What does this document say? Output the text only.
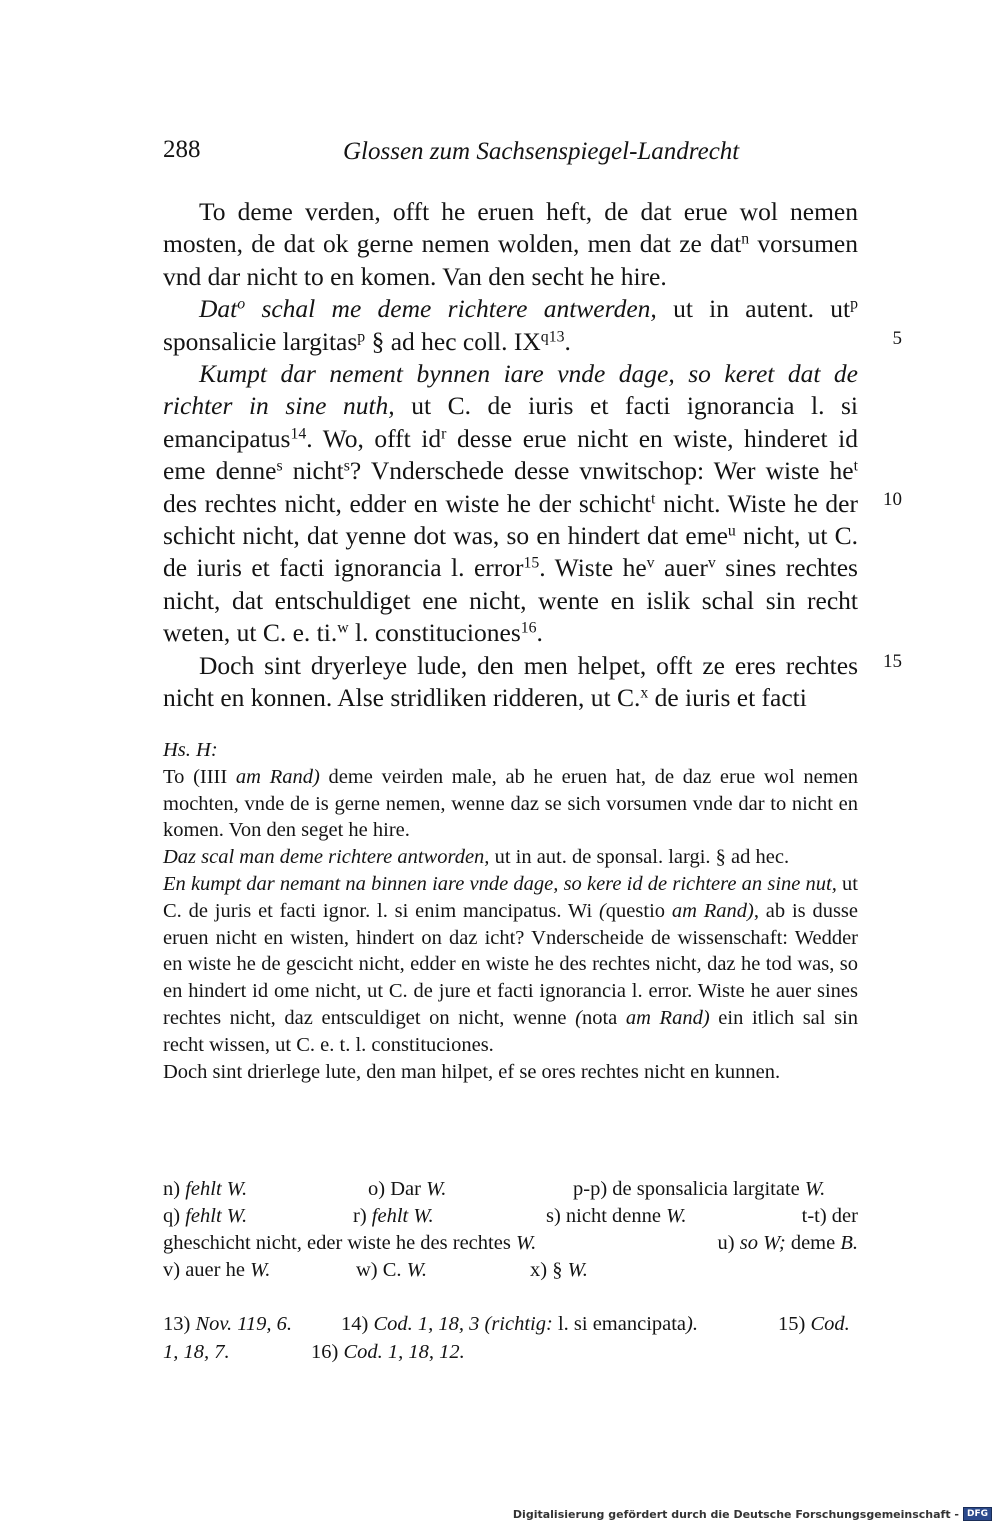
288	Glossen zum Sachsenspiegel-Landrecht
5
10
15

To deme verden, offt he eruen heft, de dat erue wol nemen mosten, de dat ok gerne nemen wolden, men dat ze dat$^n$ vorsumen vnd dar nicht to en komen. Van den secht he hire.

Dat$^o$ schal me deme richtere antwerden, ut in autent. $ut^p$ sponsalicie largitas$^p$ § ad hec coll. $IX^{q13}$.

Kumpt dar nement bynnen iare vnde dage, so keret dat de richter in sine nuth, ut C. de iuris et facti ignorancia l. si emancipatus$^{14}$. Wo, offt $id^r$ desse erue nicht en wiste, hinderet id eme denne$^s$ nicht$^s$? Vnderschede desse vnwitschop: Wer wiste $he^t$ des rechtes nicht, edder en wiste he der schicht$^t$ nicht. Wiste he der schicht nicht, dat yenne dot was, so en hindert dat eme$^u$ nicht, ut C. de iuris et facti ignorancia l. error$^{15}$. Wiste $he^v$ auer$^v$ sines rechtes nicht, dat entschuldiget ene nicht, wente en islik schal sin recht weten, ut C. e. ti.$^w$ l. constituciones$^{16}$.

Doch sint dryerleye lude, den men helpet, offt ze eres rechtes nicht en konnen. Alse stridliken ridderen, ut C.$^x$ de iuris et facti

Hs. H:
To (IIII am Rand) deme veirden male, ab he eruen hat, de daz erue wol nemen mochten, vnde de is gerne nemen, wenne daz se sich vorsumen vnde dar to nicht en komen. Von den seget he hire.
Daz scal man deme richtere antworden, ut in aut. de sponsal. largi. § ad hec.
En kumpt dar nemant na binnen iare vnde dage, so kere id de richtere an sine nut, ut C. de juris et facti ignor. l. si enim mancipatus. Wi (questio am Rand), ab is dusse eruen nicht en wisten, hindert on daz icht? Vnderscheide de wissenschaft: Wedder en wiste he de gescicht nicht, edder en wiste he des rechtes nicht, daz he tod was, so en hindert id ome nicht, ut C. de jure et facti ignorancia l. error. Wiste he auer sines rechtes nicht, daz entsculdiget on nicht, wenne (nota am Rand) ein itlich sal sin recht wissen, ut C. e. t. l. constituciones.
Doch sint drierlege lute, den man hilpet, ef se ores rechtes nicht en kunnen.
n) fehlt W.	o) Dar W.	p-p) de sponsalicia largitate W.
q) fehlt W.	r) fehlt W.	s) nicht denne W.	t-t) der
gheschicht nicht, eder wiste he des rechtes W.	u) so W; deme B.
v) auer he W.	w) C. W.	x) § W.
13) Nov. 119, 6. 14) Cod. 1, 18, 3 (richtig: l. si emancipata).	15) Cod.
1, 18, 7.	16) Cod. 1, 18, 12.
Digitalisierung gefördert durch die Deutsche Forschungsgemeinschaft - DFG
